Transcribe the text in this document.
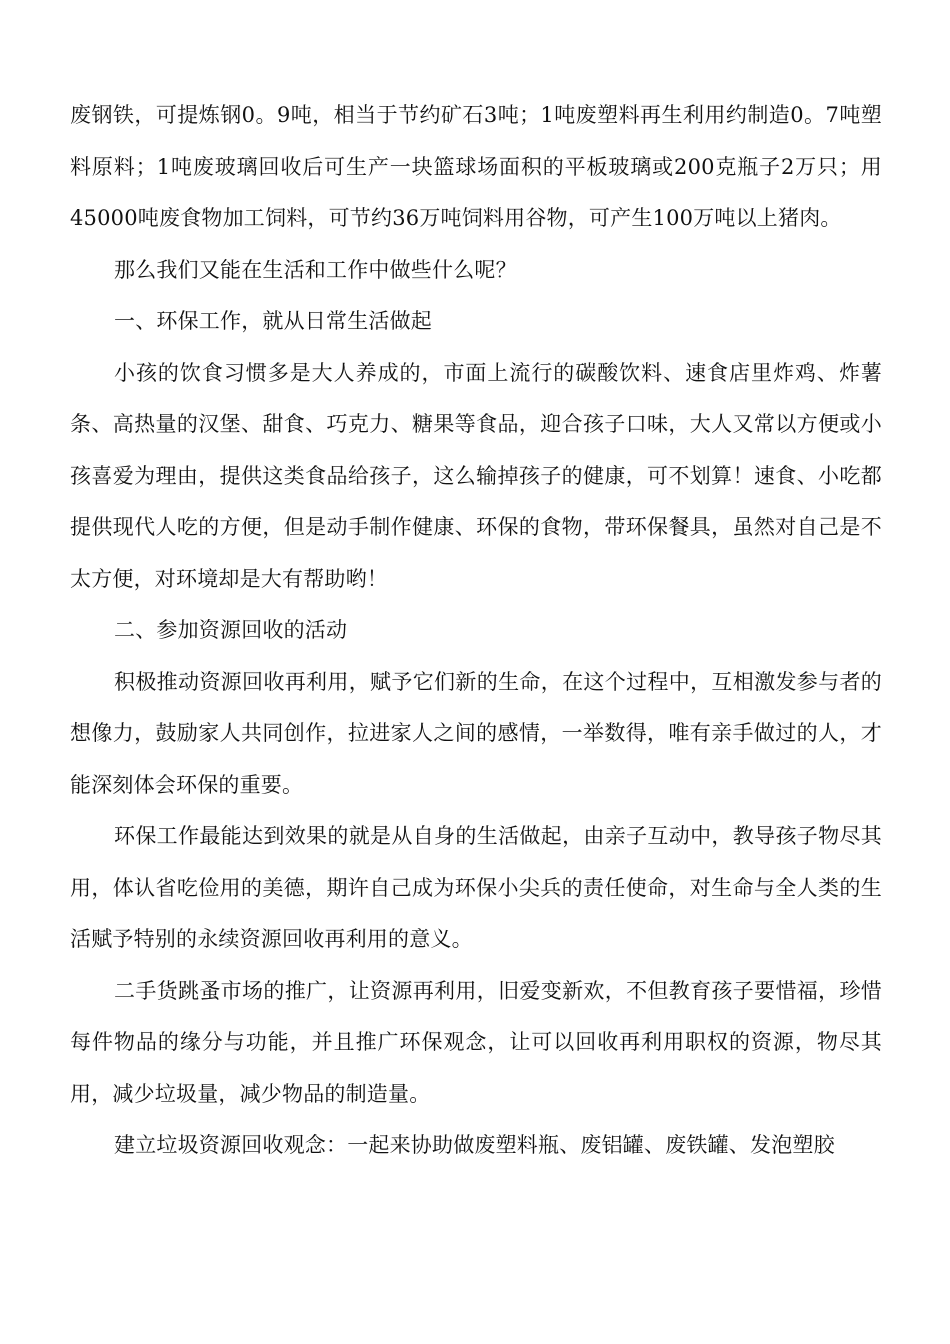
废钢铁，可提炼钢0。9吨，相当于节约矿石3吨；1吨废塑料再生利用约制造0。7吨塑料原料；1吨废玻璃回收后可生产一块篮球场面积的平板玻璃或200克瓶子2万只；用45000吨废食物加工饲料，可节约36万吨饲料用谷物，可产生100万吨以上猪肉。

那么我们又能在生活和工作中做些什么呢？

一、环保工作，就从日常生活做起

小孩的饮食习惯多是大人养成的，市面上流行的碳酸饮料、速食店里炸鸡、炸薯条、高热量的汉堡、甜食、巧克力、糖果等食品，迎合孩子口味，大人又常以方便或小孩喜爱为理由，提供这类食品给孩子，这么输掉孩子的健康，可不划算！速食、小吃都提供现代人吃的方便，但是动手制作健康、环保的食物，带环保餐具，虽然对自己是不太方便，对环境却是大有帮助哟！

二、参加资源回收的活动

积极推动资源回收再利用，赋予它们新的生命，在这个过程中，互相激发参与者的想像力，鼓励家人共同创作，拉进家人之间的感情，一举数得，唯有亲手做过的人，才能深刻体会环保的重要。

环保工作最能达到效果的就是从自身的生活做起，由亲子互动中，教导孩子物尽其用，体认省吃俭用的美德，期许自己成为环保小尖兵的责任使命，对生命与全人类的生活赋予特别的永续资源回收再利用的意义。

二手货跳蚤市场的推广，让资源再利用，旧爱变新欢，不但教育孩子要惜福，珍惜每件物品的缘分与功能，并且推广环保观念，让可以回收再利用职权的资源，物尽其用，减少垃圾量，减少物品的制造量。

建立垃圾资源回收观念：一起来协助做废塑料瓶、废铝罐、废铁罐、发泡塑胶
